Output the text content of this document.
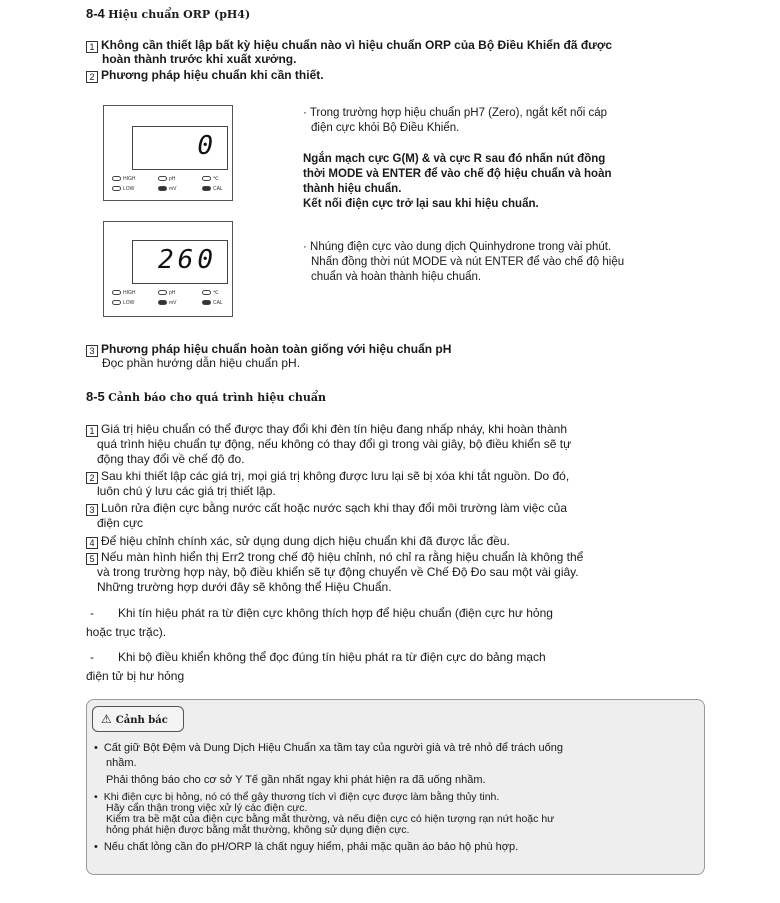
8-4 Hiệu chuẩn ORP (pH4)
1 Không cần thiết lập bất kỳ hiệu chuẩn nào vì hiệu chuẩn ORP của Bộ Điều Khiển đã được
hoàn thành trước khi xuất xưởng.
2 Phương pháp hiệu chuẩn khi cần thiết.
0
HIGH
LOW
pH
mV
℃
CAL
260
HIGH
LOW
pH
mV
℃
CAL
· Trong trường hợp hiệu chuẩn pH7 (Zero), ngắt kết nối cáp
điện cực khỏi Bộ Điều Khiển.
Ngắn mạch cực G(M) & và cực R sau đó nhấn nút đồng
thời MODE và ENTER để vào chế độ hiệu chuẩn và hoàn
thành hiệu chuẩn.
Kết nối điện cực trở lại sau khi hiệu chuẩn.
· Nhúng điện cực vào dung dịch Quinhydrone trong vài phút.
Nhấn đồng thời nút MODE và nút ENTER để vào chế độ hiệu
chuẩn và hoàn thành hiệu chuẩn.
3 Phương pháp hiệu chuẩn hoàn toàn giống với hiệu chuẩn pH
Đọc phần hướng dẫn hiệu chuẩn pH.
8-5 Cảnh báo cho quá trình hiệu chuẩn
1 Giá trị hiệu chuẩn có thể được thay đổi khi đèn tín hiệu đang nhấp nháy, khi hoàn thành
quá trình hiệu chuẩn tự động, nếu không có thay đổi gì trong vài giây, bộ điều khiển sẽ tự
động thay đổi về chế độ đo.
2 Sau khi thiết lập các giá trị, mọi giá trị không được lưu lại sẽ bị xóa khi tắt nguồn. Do đó,
luôn chú ý lưu các giá trị thiết lập.
3 Luôn rửa điện cực bằng nước cất hoặc nước sạch khi thay đổi môi trường làm việc của
điện cực
4 Để hiệu chỉnh chính xác, sử dụng dung dịch hiệu chuẩn khi đã được lắc đều.
5 Nếu màn hình hiển thị Err2 trong chế độ hiệu chỉnh, nó chỉ ra rằng hiệu chuẩn là không thể
và trong trường hợp này, bộ điều khiển sẽ tự động chuyển về Chế Độ Đo sau một vài giây.
Những trường hợp dưới đây sẽ không thể Hiệu Chuẩn.
- Khi tín hiệu phát ra từ điện cực không thích hợp để hiệu chuẩn (điện cực hư hỏng
hoặc trục trặc).
- Khi bộ điều khiển không thể đọc đúng tín hiệu phát ra từ điện cực do bảng mạch
điện tử bị hư hỏng
⚠ Cảnh bác
• Cất giữ Bột Đệm và Dung Dịch Hiệu Chuẩn xa tầm tay của người già và trẻ nhỏ để trách uống
nhầm.
Phải thông báo cho cơ sở Y Tế gần nhất ngay khi phát hiện ra đã uống nhầm.
• Khi điện cực bị hỏng, nó có thể gây thương tích vì điện cực được làm bằng thủy tinh.
Hãy cẩn thận trong việc xử lý các điện cực.
Kiểm tra bề mặt của điện cực bằng mắt thường, và nếu điện cực có hiện tượng rạn nứt hoặc hư
hỏng phát hiện được bằng mắt thường, không sử dụng điện cực.
• Nếu chất lỏng cần đo pH/ORP là chất nguy hiểm, phải mặc quần áo bảo hộ phù hợp.
